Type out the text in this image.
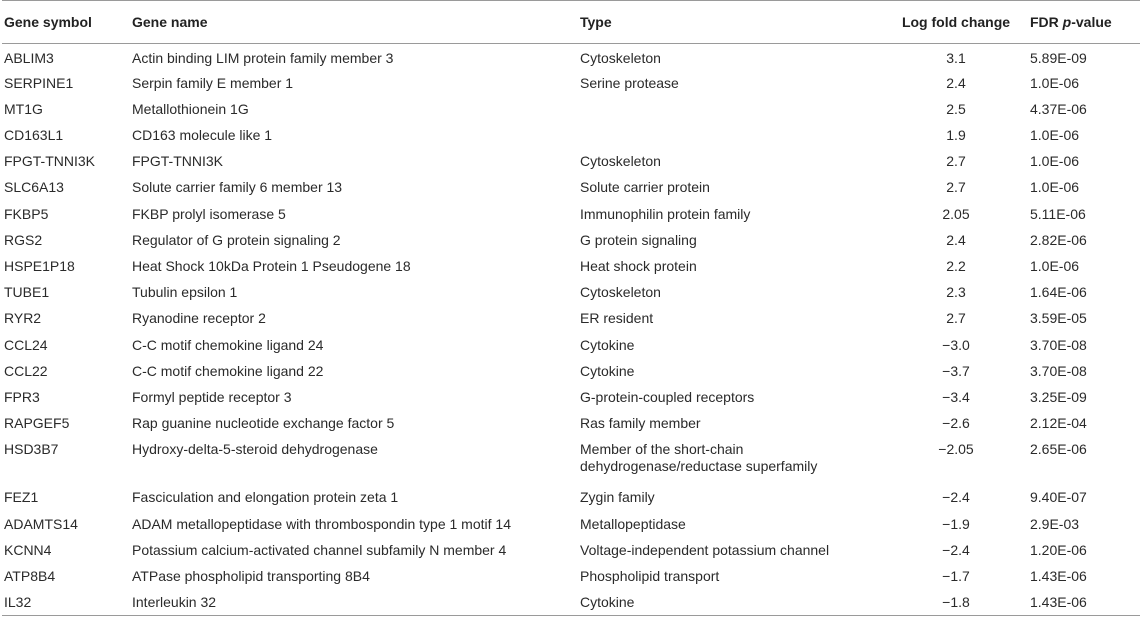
Gene symbol	Gene name	Type	Log fold change	FDR p-value
ABLIM3	Actin binding LIM protein family member 3	Cytoskeleton	3.1	5.89E-09
SERPINE1	Serpin family E member 1	Serine protease	2.4	1.0E-06
MT1G	Metallothionein 1G		2.5	4.37E-06
CD163L1	CD163 molecule like 1		1.9	1.0E-06
FPGT-TNNI3K	FPGT-TNNI3K	Cytoskeleton	2.7	1.0E-06
SLC6A13	Solute carrier family 6 member 13	Solute carrier protein	2.7	1.0E-06
FKBP5	FKBP prolyl isomerase 5	Immunophilin protein family	2.05	5.11E-06
RGS2	Regulator of G protein signaling 2	G protein signaling	2.4	2.82E-06
HSPE1P18	Heat Shock 10kDa Protein 1 Pseudogene 18	Heat shock protein	2.2	1.0E-06
TUBE1	Tubulin epsilon 1	Cytoskeleton	2.3	1.64E-06
RYR2	Ryanodine receptor 2	ER resident	2.7	3.59E-05
CCL24	C-C motif chemokine ligand 24	Cytokine	−3.0	3.70E-08
CCL22	C-C motif chemokine ligand 22	Cytokine	−3.7	3.70E-08
FPR3	Formyl peptide receptor 3	G-protein-coupled receptors	−3.4	3.25E-09
RAPGEF5	Rap guanine nucleotide exchange factor 5	Ras family member	−2.6	2.12E-04
HSD3B7	Hydroxy-delta-5-steroid dehydrogenase	Member of the short-chain dehydrogenase/reductase superfamily	−2.05	2.65E-06
FEZ1	Fasciculation and elongation protein zeta 1	Zygin family	−2.4	9.40E-07
ADAMTS14	ADAM metallopeptidase with thrombospondin type 1 motif 14	Metallopeptidase	−1.9	2.9E-03
KCNN4	Potassium calcium-activated channel subfamily N member 4	Voltage-independent potassium channel	−2.4	1.20E-06
ATP8B4	ATPase phospholipid transporting 8B4	Phospholipid transport	−1.7	1.43E-06
IL32	Interleukin 32	Cytokine	−1.8	1.43E-06
